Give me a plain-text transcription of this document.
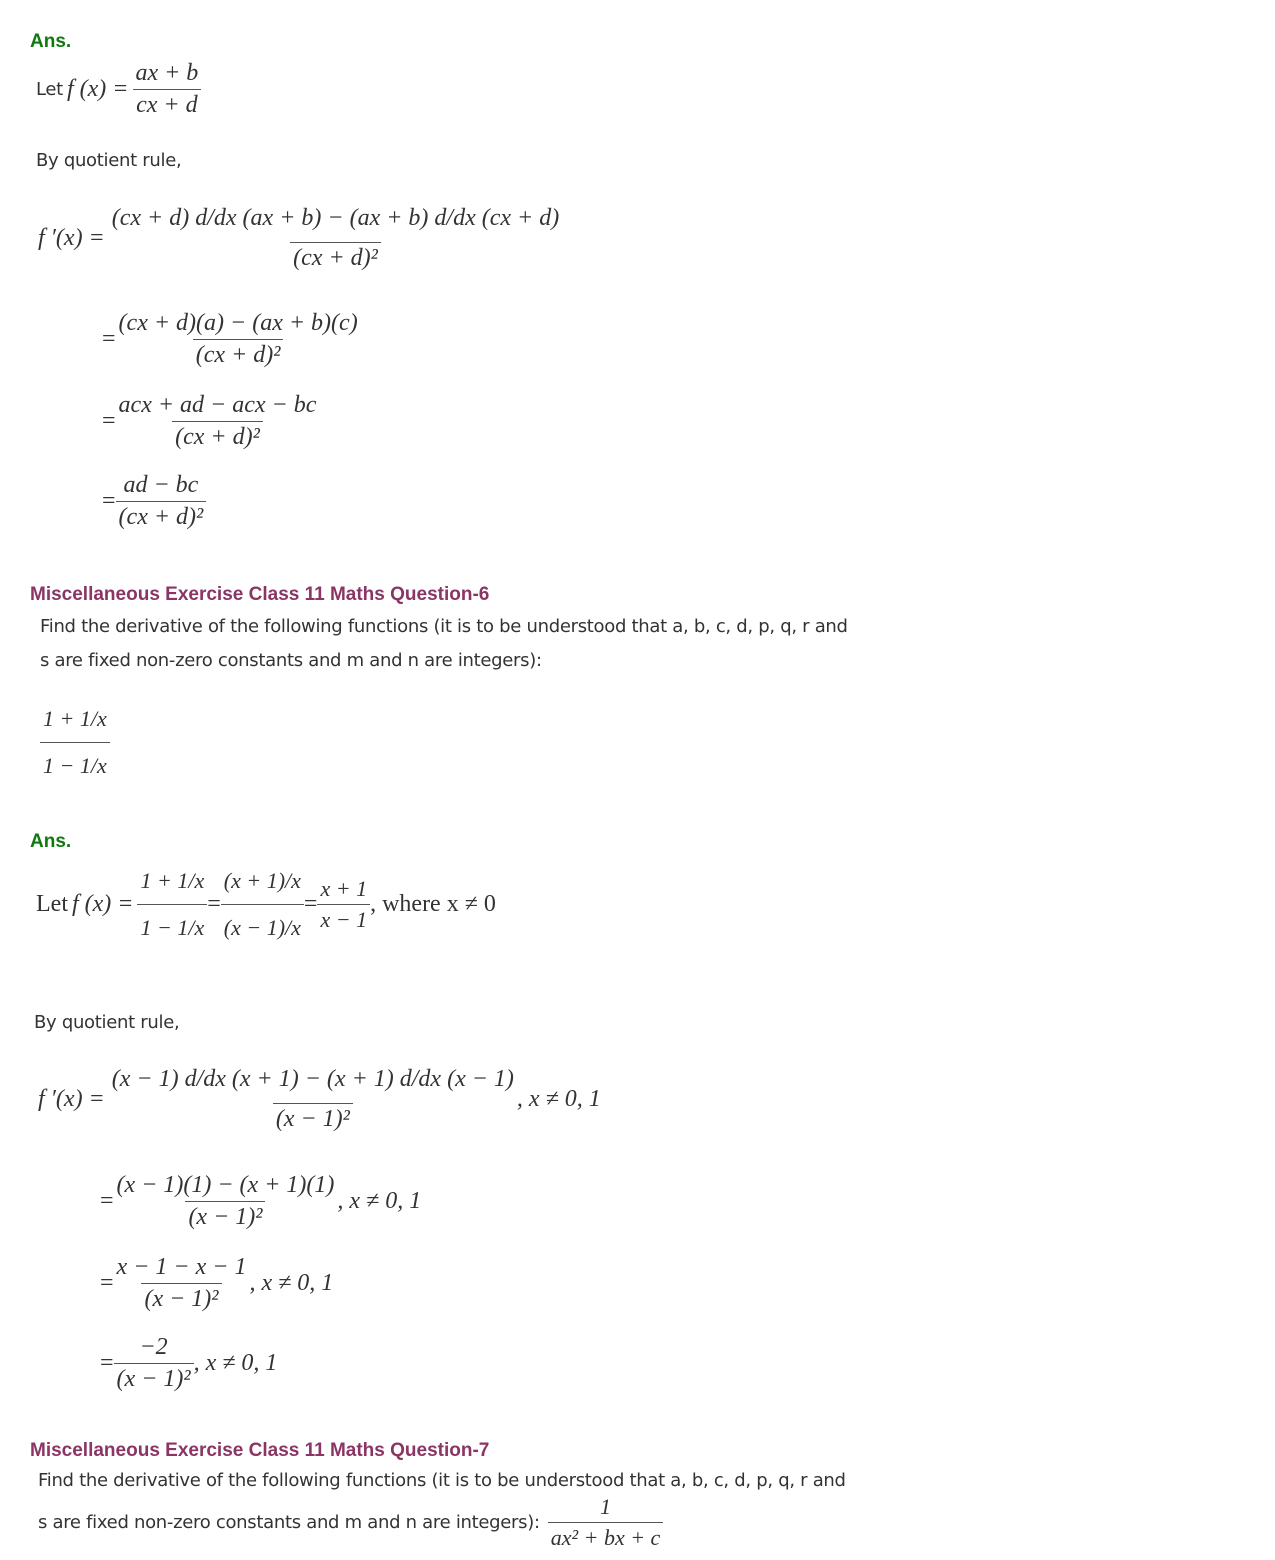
Ans.
Let
f (x) =
$\frac{ax + b}{cx + d}$
By quotient rule,
f ′(x) =
$\frac{(cx + d) d/dx (ax + b) - (ax + b) d/dx (cx + d)}{\text{(cx + d)²}}$
= $\frac{(cx + d)(a) - (ax + b)(c)}{\text{(cx + d)²}}$
= $\frac{\text{acx + ad − acx − bc}}{\text{(cx + d)²}}$
= $\frac{ad - bc}{\text{(cx + d)²}}$
Miscellaneous Exercise Class 11 Maths Question-6
Find the derivative of the following functions (it is to be understood that a, b, c, d, p, q, r and
s are fixed non-zero constants and m and n are integers):
$\frac{1 + 1/x}{1 - 1/x}$
Ans.
Let
f (x) =
$\frac{1 + 1/x}{1 - 1/x} = \frac{(x + 1)/x}{(x - 1)/x} = \frac{x + 1}{x - 1}$ , where x ≠ 0
By quotient rule,
f ′(x) =
$\frac{(x - 1) d/dx (x + 1) - (x + 1) d/dx (x - 1)}{\text{(x − 1)²}}$ , x ≠ 0, 1
= $\frac{(x - 1)(1) - (x + 1)(1)}{\text{(x − 1)²}}$ , x ≠ 0, 1
= $\frac{x - 1 - x - 1}{\text{(x − 1)²}}$ , x ≠ 0, 1
= $\frac{-2}{\text{(x − 1)²}}$ , x ≠ 0, 1
Miscellaneous Exercise Class 11 Maths Question-7
Find the derivative of the following functions (it is to be understood that a, b, c, d, p, q, r and
s are fixed non-zero constants and m and n are integers):
$\frac{1}{\text{ax² + bx + c}}$
